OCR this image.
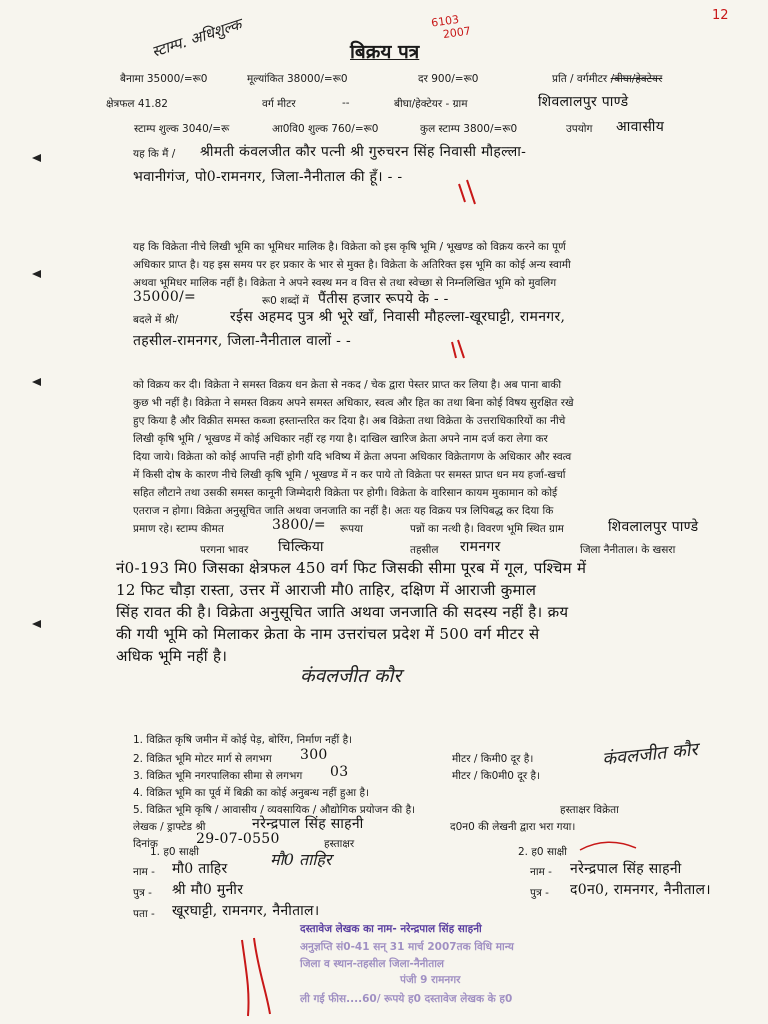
12
स्टाम्प. अधिशुल्क	6103
2007
बिक्रय पत्र
बैनामा 35000/=रू0	मूल्यांकित 38000/=रू0	दर 900/=रू0	प्रति / वर्गमीटर /बीघा/हेक्टेयर
क्षेत्रफल 41.82	वर्ग मीटर	--	बीघा/हेक्टेयर - ग्राम	शिवलालपुर पाण्डे
स्टाम्प शुल्क 3040/=रू	आ0वि0 शुल्क 760/=रू0	कुल स्टाम्प 3800/=रू0	उपयोग आवासीय
यह कि मैं / श्रीमती कंवलजीत कौर पत्नी श्री गुरुचरन सिंह निवासी मौहल्ला-
भवानीगंज, पो0-रामनगर, जिला-नैनीताल की हूँ। - -
यह कि विक्रेता नीचे लिखी भूमि का भूमिधर मालिक है। विक्रेता को इस कृषि भूमि / भूखण्ड को विक्रय करने का पूर्ण
अधिकार प्राप्त है। यह इस समय पर हर प्रकार के भार से मुक्त है। विक्रेता के अतिरिक्त इस भूमि का कोई अन्य स्वामी
अथवा भूमिधर मालिक नहीं है। विक्रेता ने अपने स्वस्थ मन व वित्त से तथा स्वेच्छा से निम्नलिखित भूमि को मुवलिग
35000/=	रू0 शब्दों में पैंतीस हजार रूपये के - -
बदले में श्री/	रईस अहमद पुत्र श्री भूरे खाँ, निवासी मौहल्ला-खूरघाट्टी, रामनगर,
तहसील-रामनगर, जिला-नैनीताल वालों - -
को विक्रय कर दी। विक्रेता ने समस्त विक्रय धन क्रेता से नकद / चेक द्वारा पेस्तर प्राप्त कर लिया है। अब पाना बाकी
कुछ भी नहीं है। विक्रेता ने समस्त विक्रय अपने समस्त अधिकार, स्वत्व और हित का तथा बिना कोई विषय सुरक्षित रखे
हुए किया है और विक्रीत समस्त कब्जा हस्तान्तरित कर दिया है। अब विक्रेता तथा विक्रेता के उत्तराधिकारियों का नीचे
लिखी कृषि भूमि / भूखण्ड में कोई अधिकार नहीं रह गया है। दाखिल खारिज क्रेता अपने नाम दर्ज करा लेगा कर
दिया जाये। विक्रेता को कोई आपत्ति नहीं होगी यदि भविष्य में क्रेता अपना अधिकार विक्रेतागण के अधिकार और स्वत्व
में किसी दोष के कारण नीचे लिखी कृषि भूमि / भूखण्ड में न कर पाये तो विक्रेता पर समस्त प्राप्त धन मय हर्जा-खर्चा
सहित लौटाने तथा उसकी समस्त कानूनी जिम्मेदारी विक्रेता पर होगी। विक्रेता के वारिसान कायम मुकामान को कोई
एतराज न होगा। विक्रेता अनुसूचित जाति अथवा जनजाति का नहीं है। अतः यह विक्रय पत्र लिपिबद्ध कर दिया कि
प्रमाण रहे। स्टाम्प कीमत	3800/= रूपया	पन्नों का नत्थी है। विवरण भूमि स्थित ग्राम	शिवलालपुर पाण्डे
परगना भावर चिल्किया	तहसील रामनगर	जिला नैनीताल। के खसरा
नं0-193 मि0 जिसका क्षेत्रफल 450 वर्ग फिट जिसकी सीमा पूरब में गूल, पश्चिम में
12 फिट चौड़ा रास्ता, उत्तर में आराजी मौ0 ताहिर, दक्षिण में आराजी कुमाल
सिंह रावत की है। विक्रेता अनुसूचित जाति अथवा जनजाति की सदस्य नहीं है। क्रय
की गयी भूमि को मिलाकर क्रेता के नाम उत्तरांचल प्रदेश में 500 वर्ग मीटर से
अधिक भूमि नहीं है।
कंवलजीत कौर
1. विक्रित कृषि जमीन में कोई पेड़, बोरिंग, निर्माण नहीं है।
2. विक्रित भूमि मोटर मार्ग से लगभग 300	मीटर / किमी0 दूर है।
3. विक्रित भूमि नगरपालिका सीमा से लगभग 03	मीटर / कि0मी0 दूर है।
4. विक्रित भूमि का पूर्व में बिक्री का कोई अनुबन्ध नहीं हुआ है।
5. विक्रित भूमि कृषि / आवासीय / व्यवसायिक / औद्योगिक प्रयोजन की है।	हस्ताक्षर विक्रेता
लेखक / ड्राफ्टेड श्री	नरेन्द्रपाल सिंह साहनी	द0न0 की लेखनी द्वारा भरा गया।
दिनांक	29-07-0550	हस्ताक्षर
कंवलजीत कौर
1. ह0 साक्षी
नाम - मौ0 ताहिर
पुत्र - श्री मौ0 मुनीर
पता - खूरघाट्टी, रामनगर, नैनीताल।
मौ0 ताहिर	2. ह0 साक्षी
नाम - नरेन्द्रपाल सिंह साहनी
पुत्र - द0न0, रामनगर, नैनीताल।
दस्तावेज लेखक का नाम- नरेन्द्रपाल सिंह साहनी
अनुज्ञप्ति सं0-41 सन् 31 मार्च 2007तक विधि मान्य
जिला व स्थान-तहसील जिला-नैनीताल
पंजी 9 रामनगर
ली गई फीस....60/ रूपये ह0 दस्तावेज लेखक के ह0
